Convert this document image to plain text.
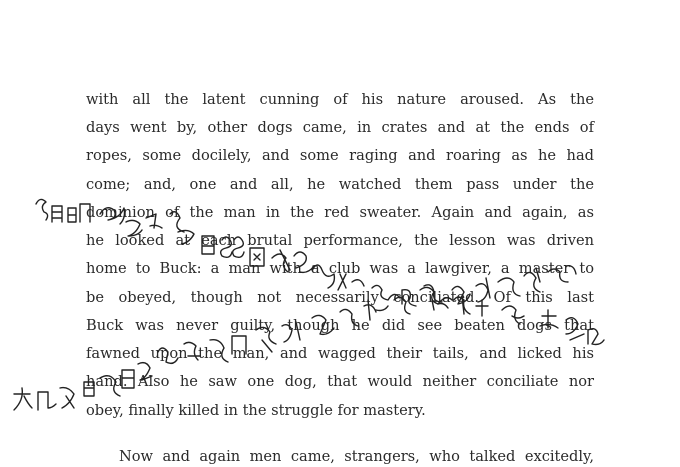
with all the latent cunning of his nature aroused. As the
days went by, other dogs came, in crates and at the ends of
ropes, some docilely, and some raging and roaring as he had
come; and, one and all, he watched them pass under the
dominion of the man in the red sweater. Again and again, as
he looked at each brutal performance, the lesson was driven
home to Buck: a man with a club was a lawgiver, a master to
be obeyed, though not necessarily conciliated. Of this last
Buck was never guilty, though he did see beaten dogs that
fawned upon the man, and wagged their tails, and licked his
hand. Also he saw one dog, that would neither conciliate nor
obey, finally killed in the struggle for mastery.
Now and again men came, strangers, who talked excitedly,
